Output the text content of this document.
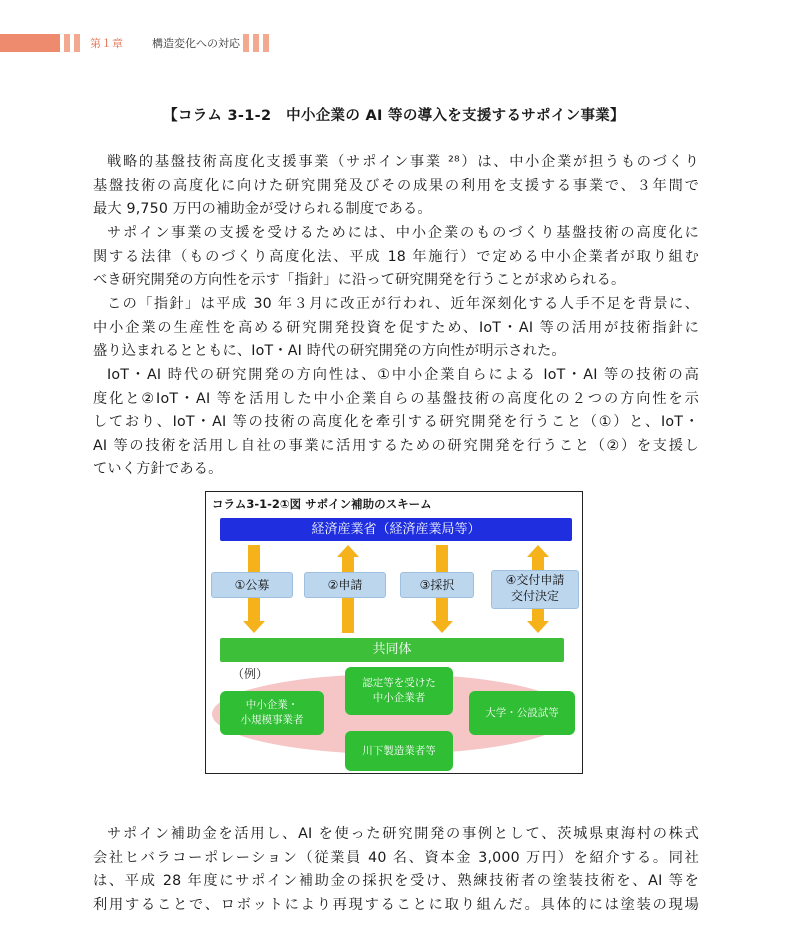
第１章	構造変化への対応
【コラム 3-1-2　中小企業の AI 等の導入を支援するサポイン事業】
戦略的基盤技術高度化支援事業（サポイン事業 ²⁸）は、中小企業が担うものづくり
基盤技術の高度化に向けた研究開発及びその成果の利用を支援する事業で、３年間で
最大 9,750 万円の補助金が受けられる制度である。
サポイン事業の支援を受けるためには、中小企業のものづくり基盤技術の高度化に
関する法律（ものづくり高度化法、平成 18 年施行）で定める中小企業者が取り組む
べき研究開発の方向性を示す「指針」に沿って研究開発を行うことが求められる。
この「指針」は平成 30 年３月に改正が行われ、近年深刻化する人手不足を背景に、
中小企業の生産性を高める研究開発投資を促すため、IoT・AI 等の活用が技術指針に
盛り込まれるとともに、IoT・AI 時代の研究開発の方向性が明示された。
IoT・AI 時代の研究開発の方向性は、①中小企業自らによる IoT・AI 等の技術の高
度化と②IoT・AI 等を活用した中小企業自らの基盤技術の高度化の２つの方向性を示
しており、IoT・AI 等の技術の高度化を牽引する研究開発を行うこと（①）と、IoT・
AI 等の技術を活用し自社の事業に活用するための研究開発を行うこと（②）を支援し
ていく方針である。
コラム3-1-2①図 サポイン補助のスキーム
経済産業省（経済産業局等）
①公募	②申請	③採択	④交付申請
交付決定
共同体
（例）
中小企業・
小規模事業者
認定等を受けた
中小企業者
大学・公設試等
川下製造業者等
サポイン補助金を活用し、AI を使った研究開発の事例として、茨城県東海村の株式
会社ヒバラコーポレーション（従業員 40 名、資本金 3,000 万円）を紹介する。同社
は、平成 28 年度にサポイン補助金の採択を受け、熟練技術者の塗装技術を、AI 等を
利用することで、ロボットにより再現することに取り組んだ。具体的には塗装の現場
